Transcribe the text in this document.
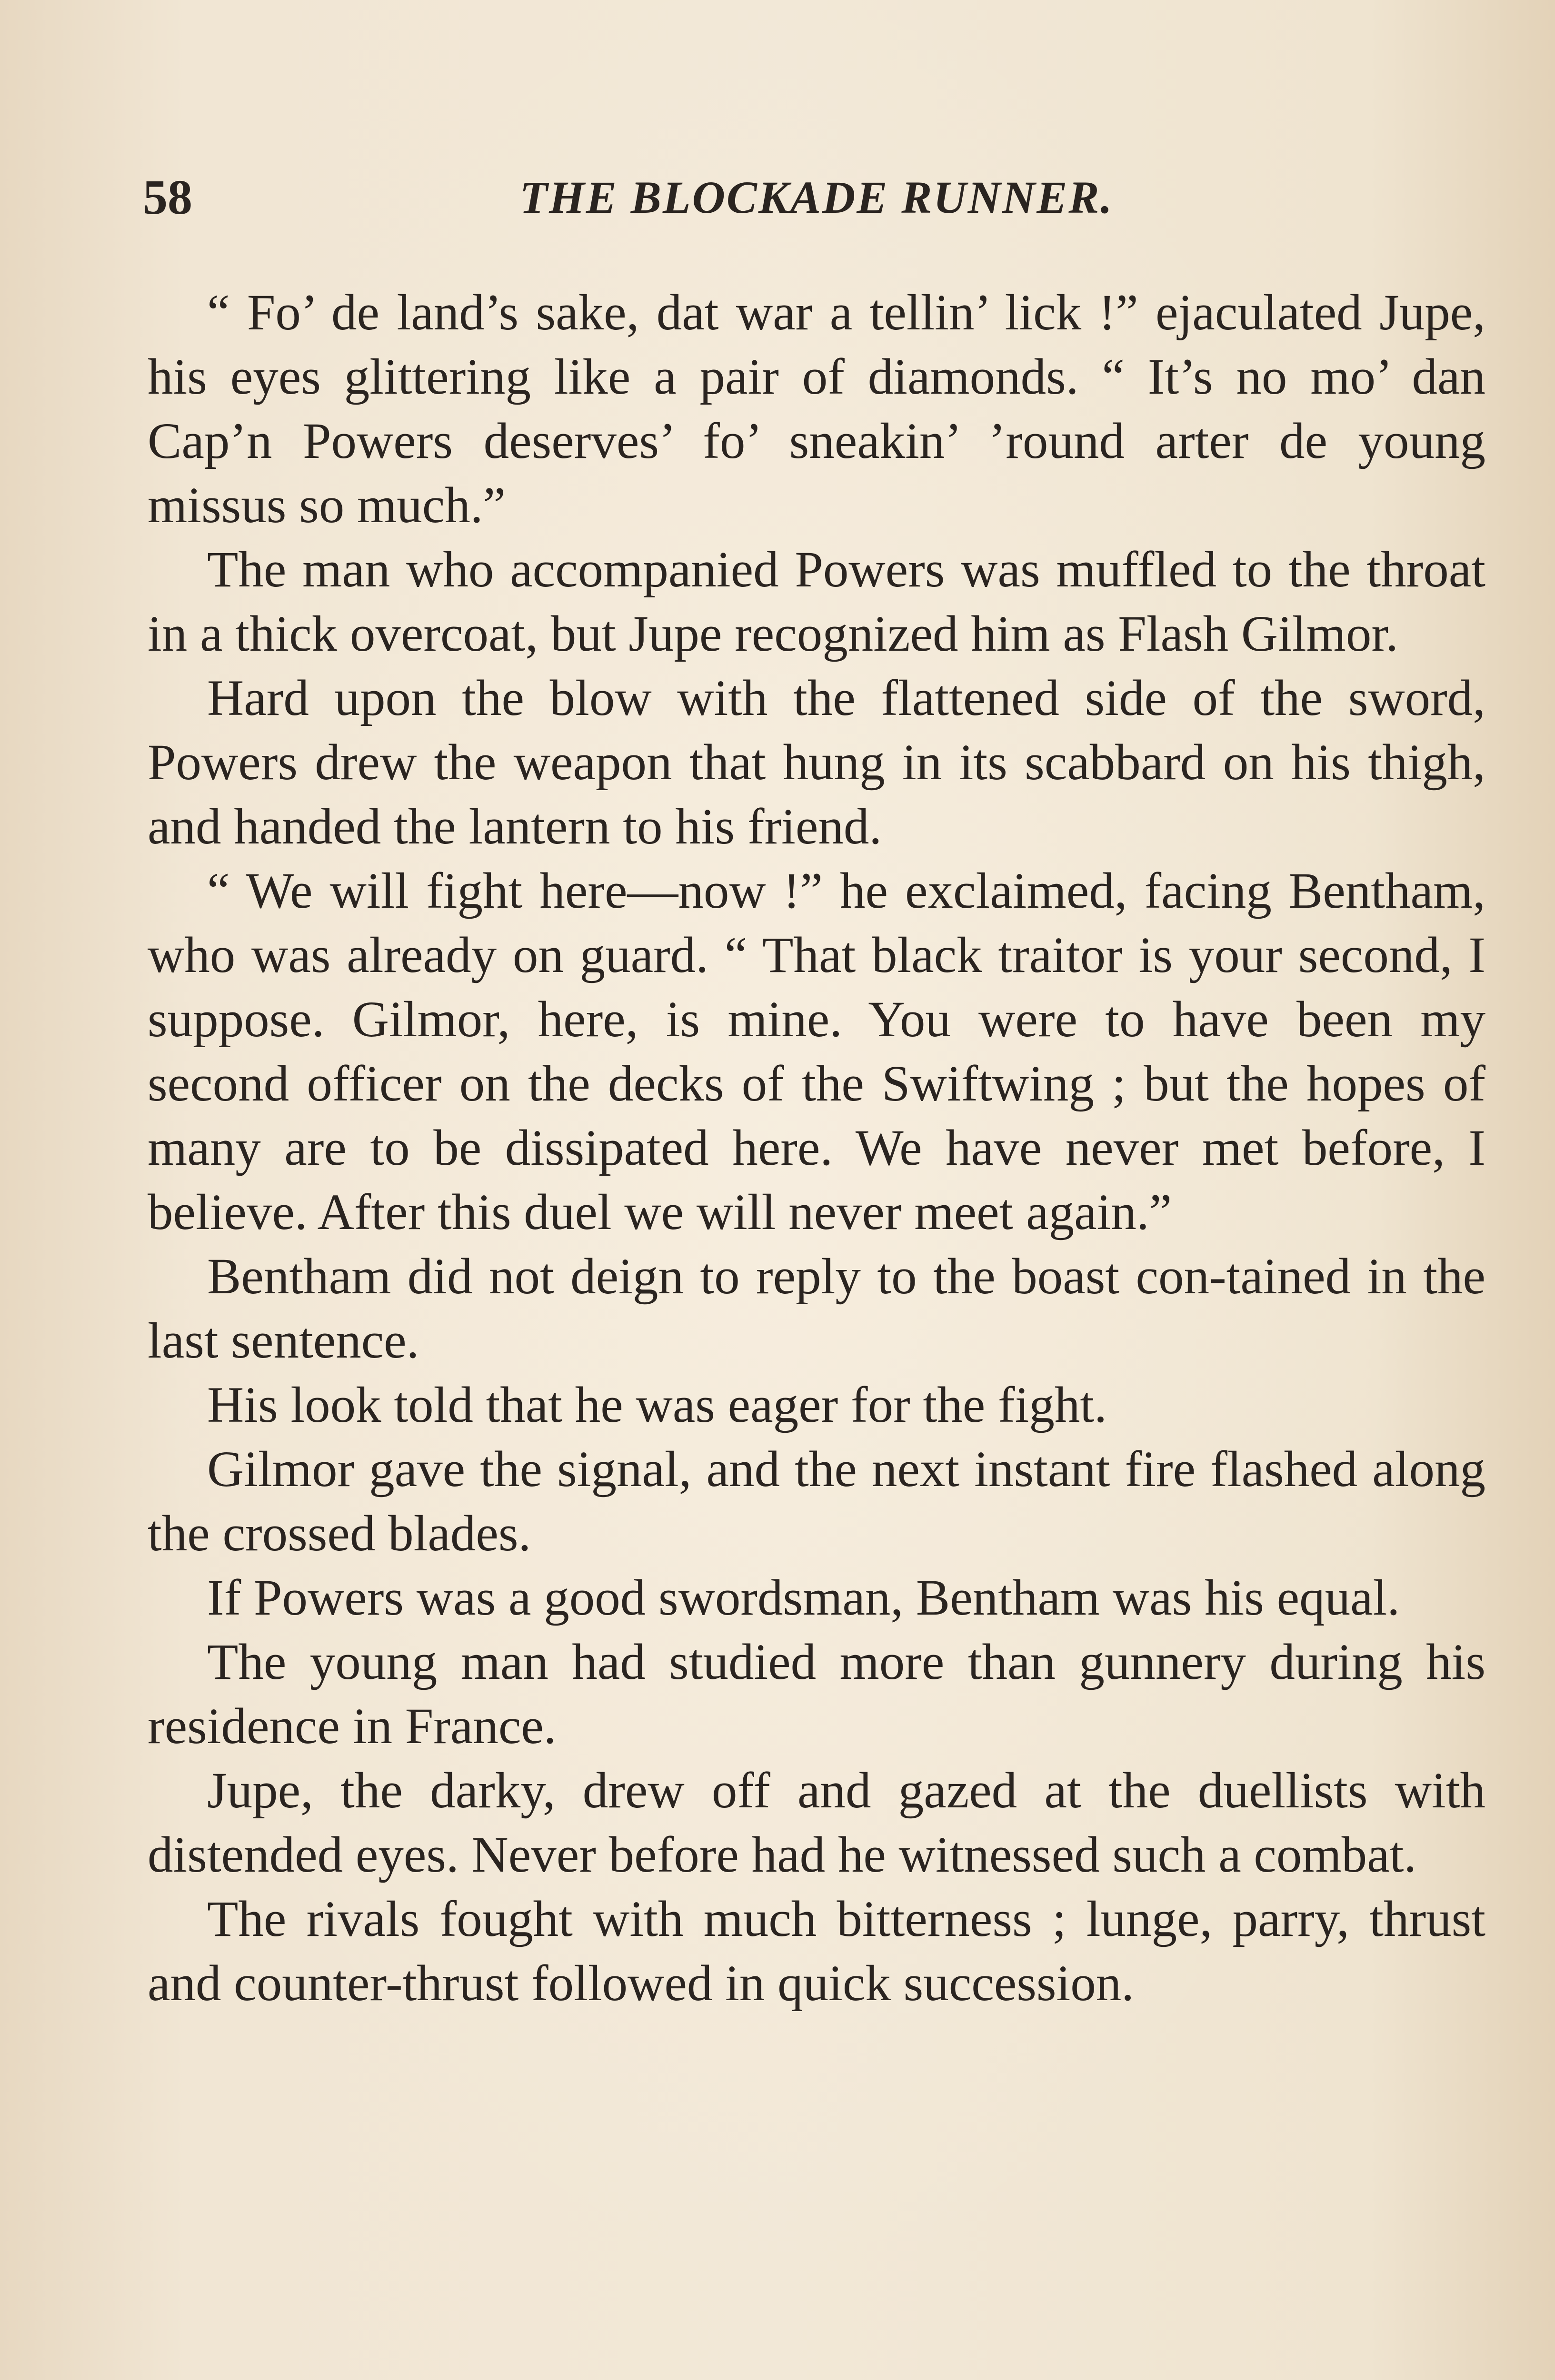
58	THE BLOCKADE RUNNER.

“ Fo’ de land’s sake, dat war a tellin’ lick !” ejaculated Jupe, his eyes glittering like a pair of diamonds. “ It’s no mo’ dan Cap’n Powers deserves’ fo’ sneakin’ ’round arter de young missus so much.”

The man who accompanied Powers was muffled to the throat in a thick overcoat, but Jupe recognized him as Flash Gilmor.

Hard upon the blow with the flattened side of the sword, Powers drew the weapon that hung in its scabbard on his thigh, and handed the lantern to his friend.

“ We will fight here—now !” he exclaimed, facing Bentham, who was already on guard. “ That black traitor is your second, I suppose. Gilmor, here, is mine. You were to have been my second officer on the decks of the Swiftwing ; but the hopes of many are to be dissipated here. We have never met before, I believe. After this duel we will never meet again.”

Bentham did not deign to reply to the boast con-tained in the last sentence.

His look told that he was eager for the fight.

Gilmor gave the signal, and the next instant fire flashed along the crossed blades.

If Powers was a good swordsman, Bentham was his equal.

The young man had studied more than gunnery during his residence in France.

Jupe, the darky, drew off and gazed at the duellists with distended eyes. Never before had he witnessed such a combat.

The rivals fought with much bitterness ; lunge, parry, thrust and counter-thrust followed in quick succession.
